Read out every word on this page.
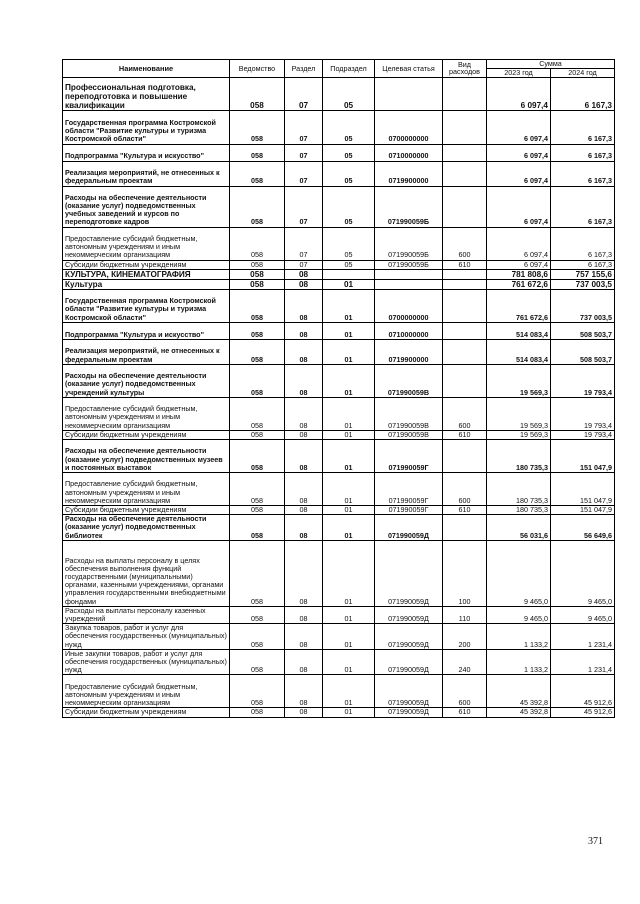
Наименование	Ведомство	Раздел	Подраздел	Целевая статья	Вид расходов	Сумма	
						2023 год	2024 год
Профессиональная подготовка, переподготовка и повышение квалификации	058	07	05			6 097,4	6 167,3
Государственная программа Костромской области "Развитие культуры и туризма Костромской области"	058	07	05	0700000000		6 097,4	6 167,3
Подпрограмма "Культура и искусство"	058	07	05	0710000000		6 097,4	6 167,3
Реализация мероприятий, не отнесенных к федеральным проектам	058	07	05	0719900000		6 097,4	6 167,3
Расходы на обеспечение деятельности (оказание услуг) подведомственных учебных заведений и курсов по переподготовке кадров	058	07	05	071990059Б		6 097,4	6 167,3
Предоставление субсидий бюджетным, автономным учреждениям и иным некоммерческим организациям	058	07	05	071990059Б	600	6 097,4	6 167,3
Субсидии бюджетным учреждениям	058	07	05	071990059Б	610	6 097,4	6 167,3
КУЛЬТУРА, КИНЕМАТОГРАФИЯ	058	08				781 808,6	757 155,6
Культура	058	08	01			761 672,6	737 003,5
Государственная программа Костромской области "Развитие культуры и туризма Костромской области"	058	08	01	0700000000		761 672,6	737 003,5
Подпрограмма "Культура и искусство"	058	08	01	0710000000		514 083,4	508 503,7
Реализация мероприятий, не отнесенных к федеральным проектам	058	08	01	0719900000		514 083,4	508 503,7
Расходы на обеспечение деятельности (оказание услуг) подведомственных учреждений культуры	058	08	01	071990059В		19 569,3	19 793,4
Предоставление субсидий бюджетным, автономным учреждениям и иным некоммерческим организациям	058	08	01	071990059В	600	19 569,3	19 793,4
Субсидии бюджетным учреждениям	058	08	01	071990059В	610	19 569,3	19 793,4
Расходы на обеспечение деятельности (оказание услуг) подведомственных музеев и постоянных выставок	058	08	01	071990059Г		180 735,3	151 047,9
Предоставление субсидий бюджетным, автономным учреждениям и иным некоммерческим организациям	058	08	01	071990059Г	600	180 735,3	151 047,9
Субсидии бюджетным учреждениям	058	08	01	071990059Г	610	180 735,3	151 047,9
Расходы на обеспечение деятельности (оказание услуг) подведомственных библиотек	058	08	01	071990059Д		56 031,6	56 649,6
Расходы на выплаты персоналу в целях обеспечения выполнения функций государственными (муниципальными) органами, казенными учреждениями, органами управления государственными внебюджетными фондами	058	08	01	071990059Д	100	9 465,0	9 465,0
Расходы на выплаты персоналу казенных учреждений	058	08	01	071990059Д	110	9 465,0	9 465,0
Закупка товаров, работ и услуг для обеспечения государственных (муниципальных) нужд	058	08	01	071990059Д	200	1 133,2	1 231,4
Иные закупки товаров, работ и услуг для обеспечения государственных (муниципальных) нужд	058	08	01	071990059Д	240	1 133,2	1 231,4
Предоставление субсидий бюджетным, автономным учреждениям и иным некоммерческим организациям	058	08	01	071990059Д	600	45 392,8	45 912,6
Субсидии бюджетным учреждениям	058	08	01	071990059Д	610	45 392,8	45 912,6
371
